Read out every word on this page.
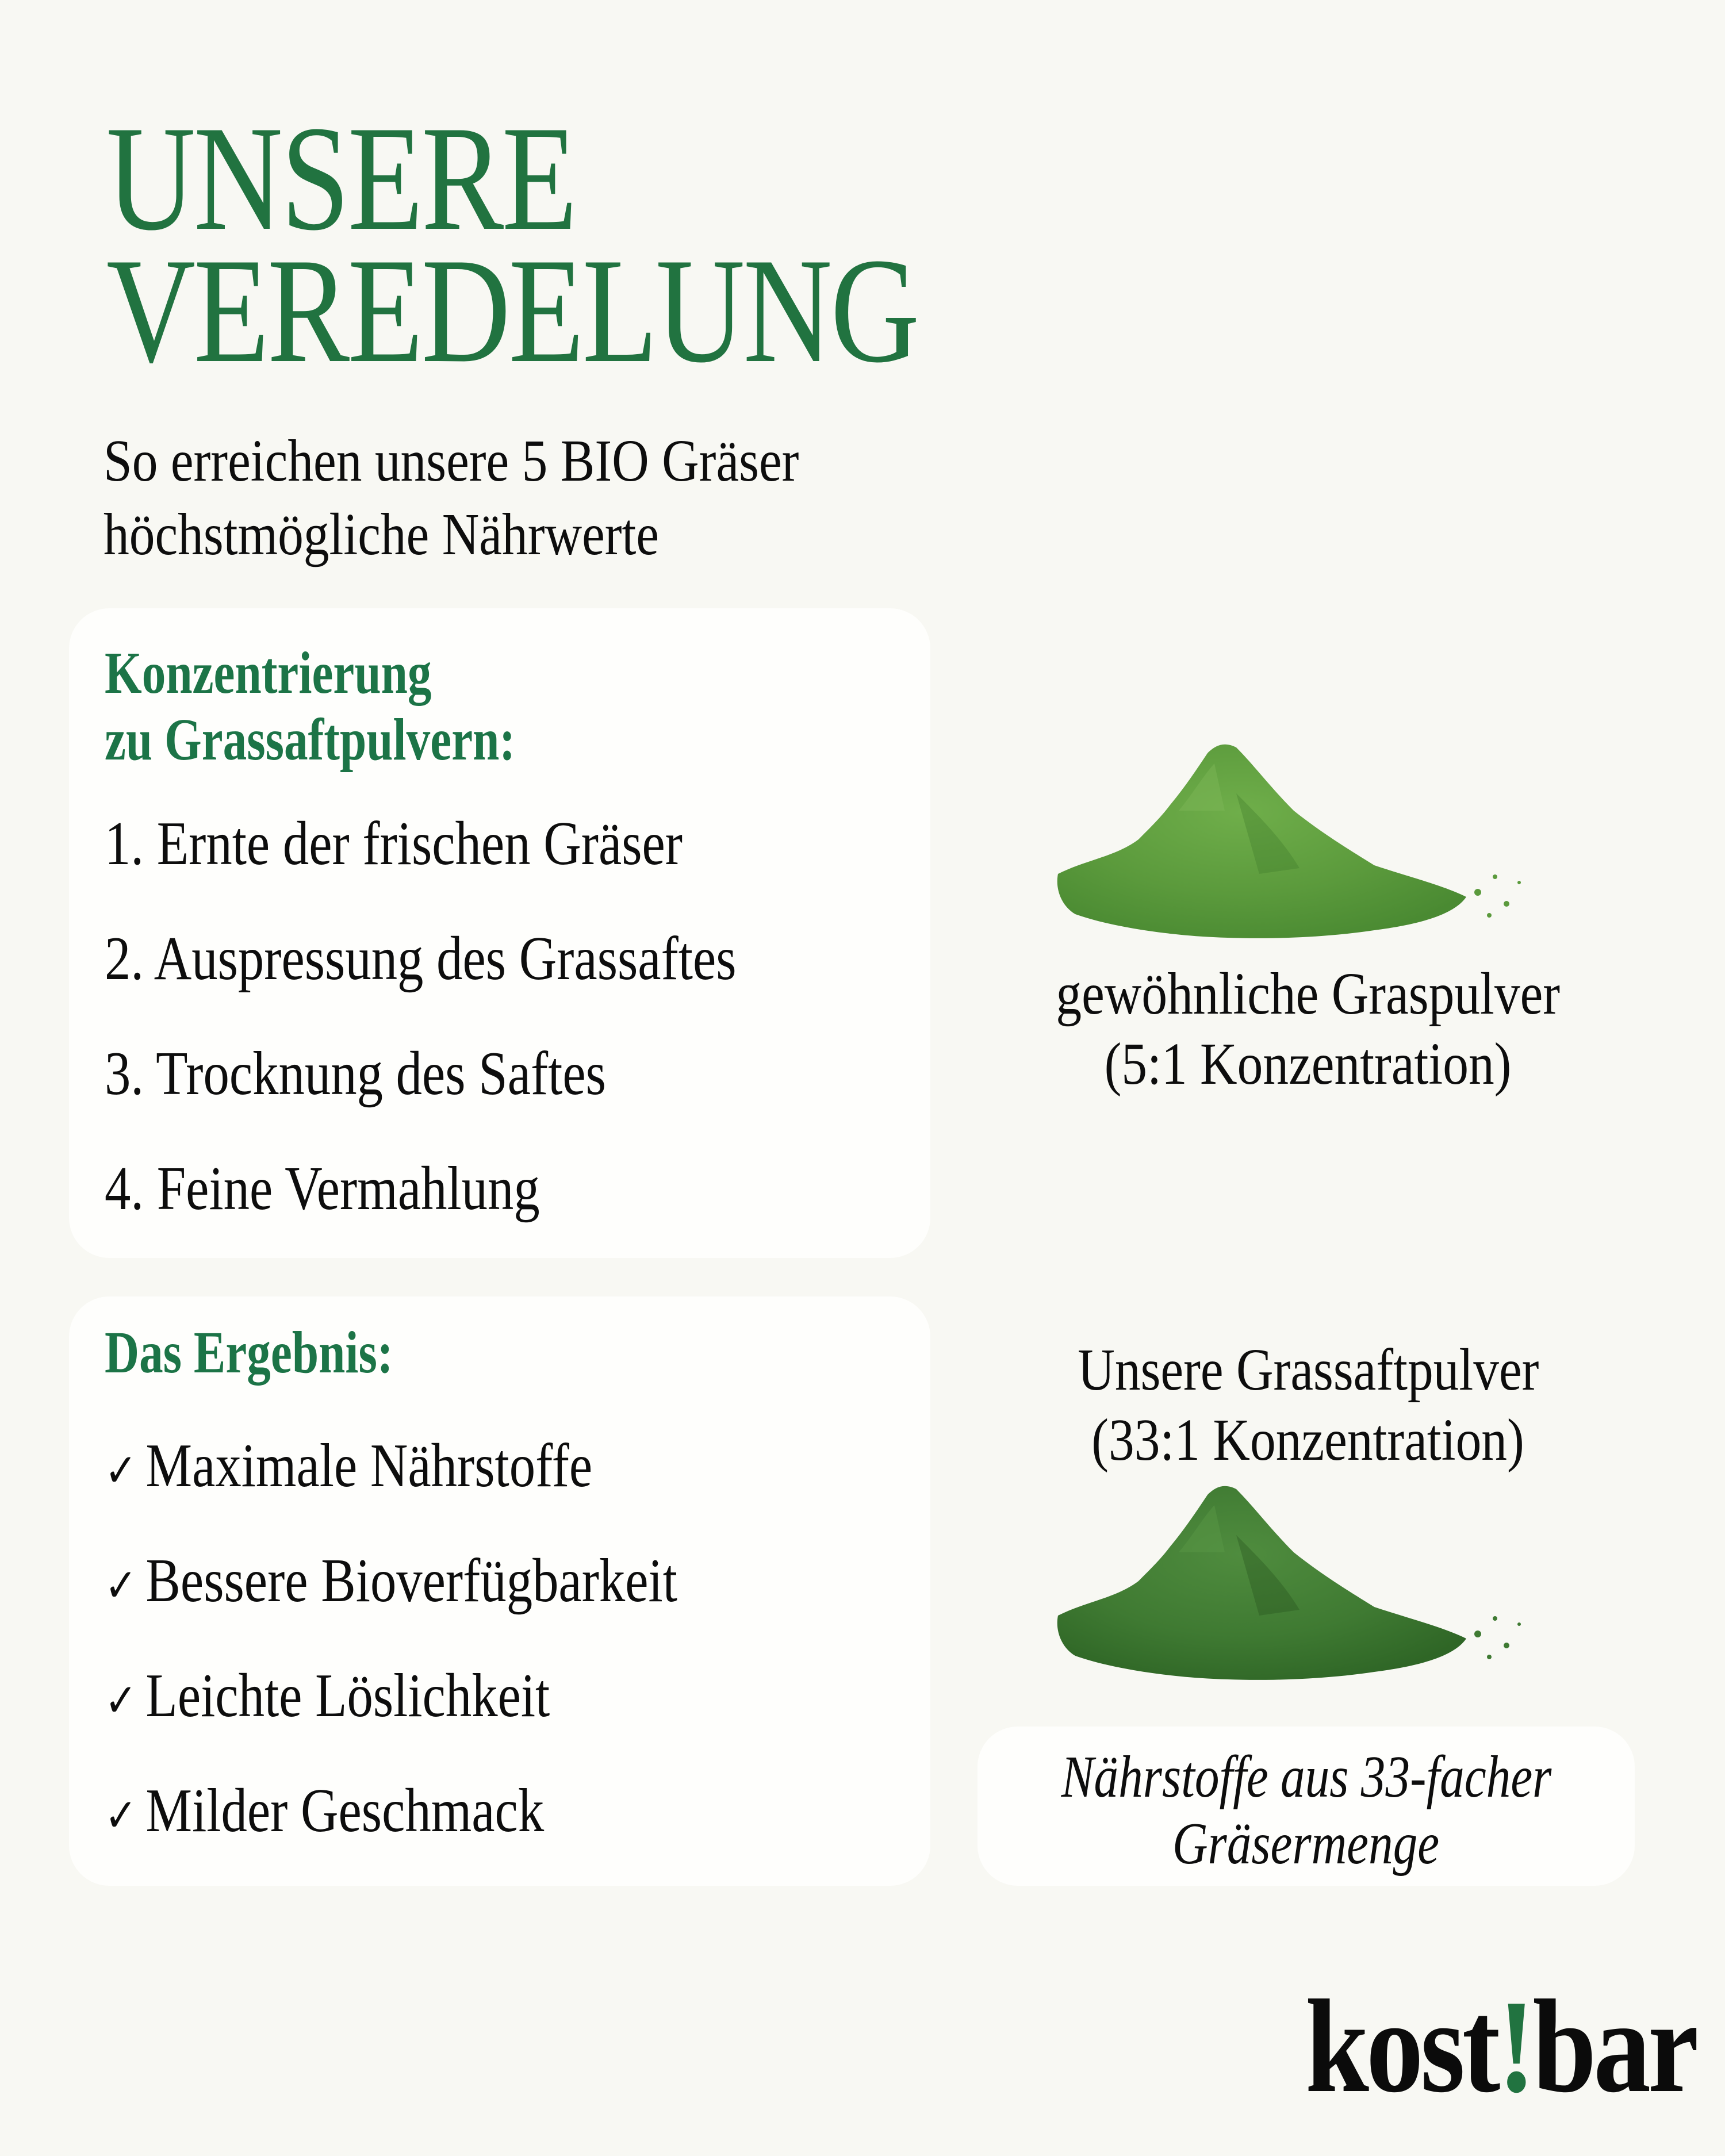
UNSERE
VEREDELUNG
So erreichen unsere 5 BIO Gräser
höchstmögliche Nährwerte
Konzentrierung
zu Grassaftpulvern:
1. Ernte der frischen Gräser
2. Auspressung des Grassaftes
3. Trocknung des Saftes
4. Feine Vermahlung
Das Ergebnis:
✓ Maximale Nährstoffe
✓ Bessere Bioverfügbarkeit
✓ Leichte Löslichkeit
✓ Milder Geschmack
gewöhnliche Graspulver
(5:1 Konzentration)
Unsere Grassaftpulver
(33:1 Konzentration)
Nährstoffe aus 33-facher
Gräsermenge
kost!bar
